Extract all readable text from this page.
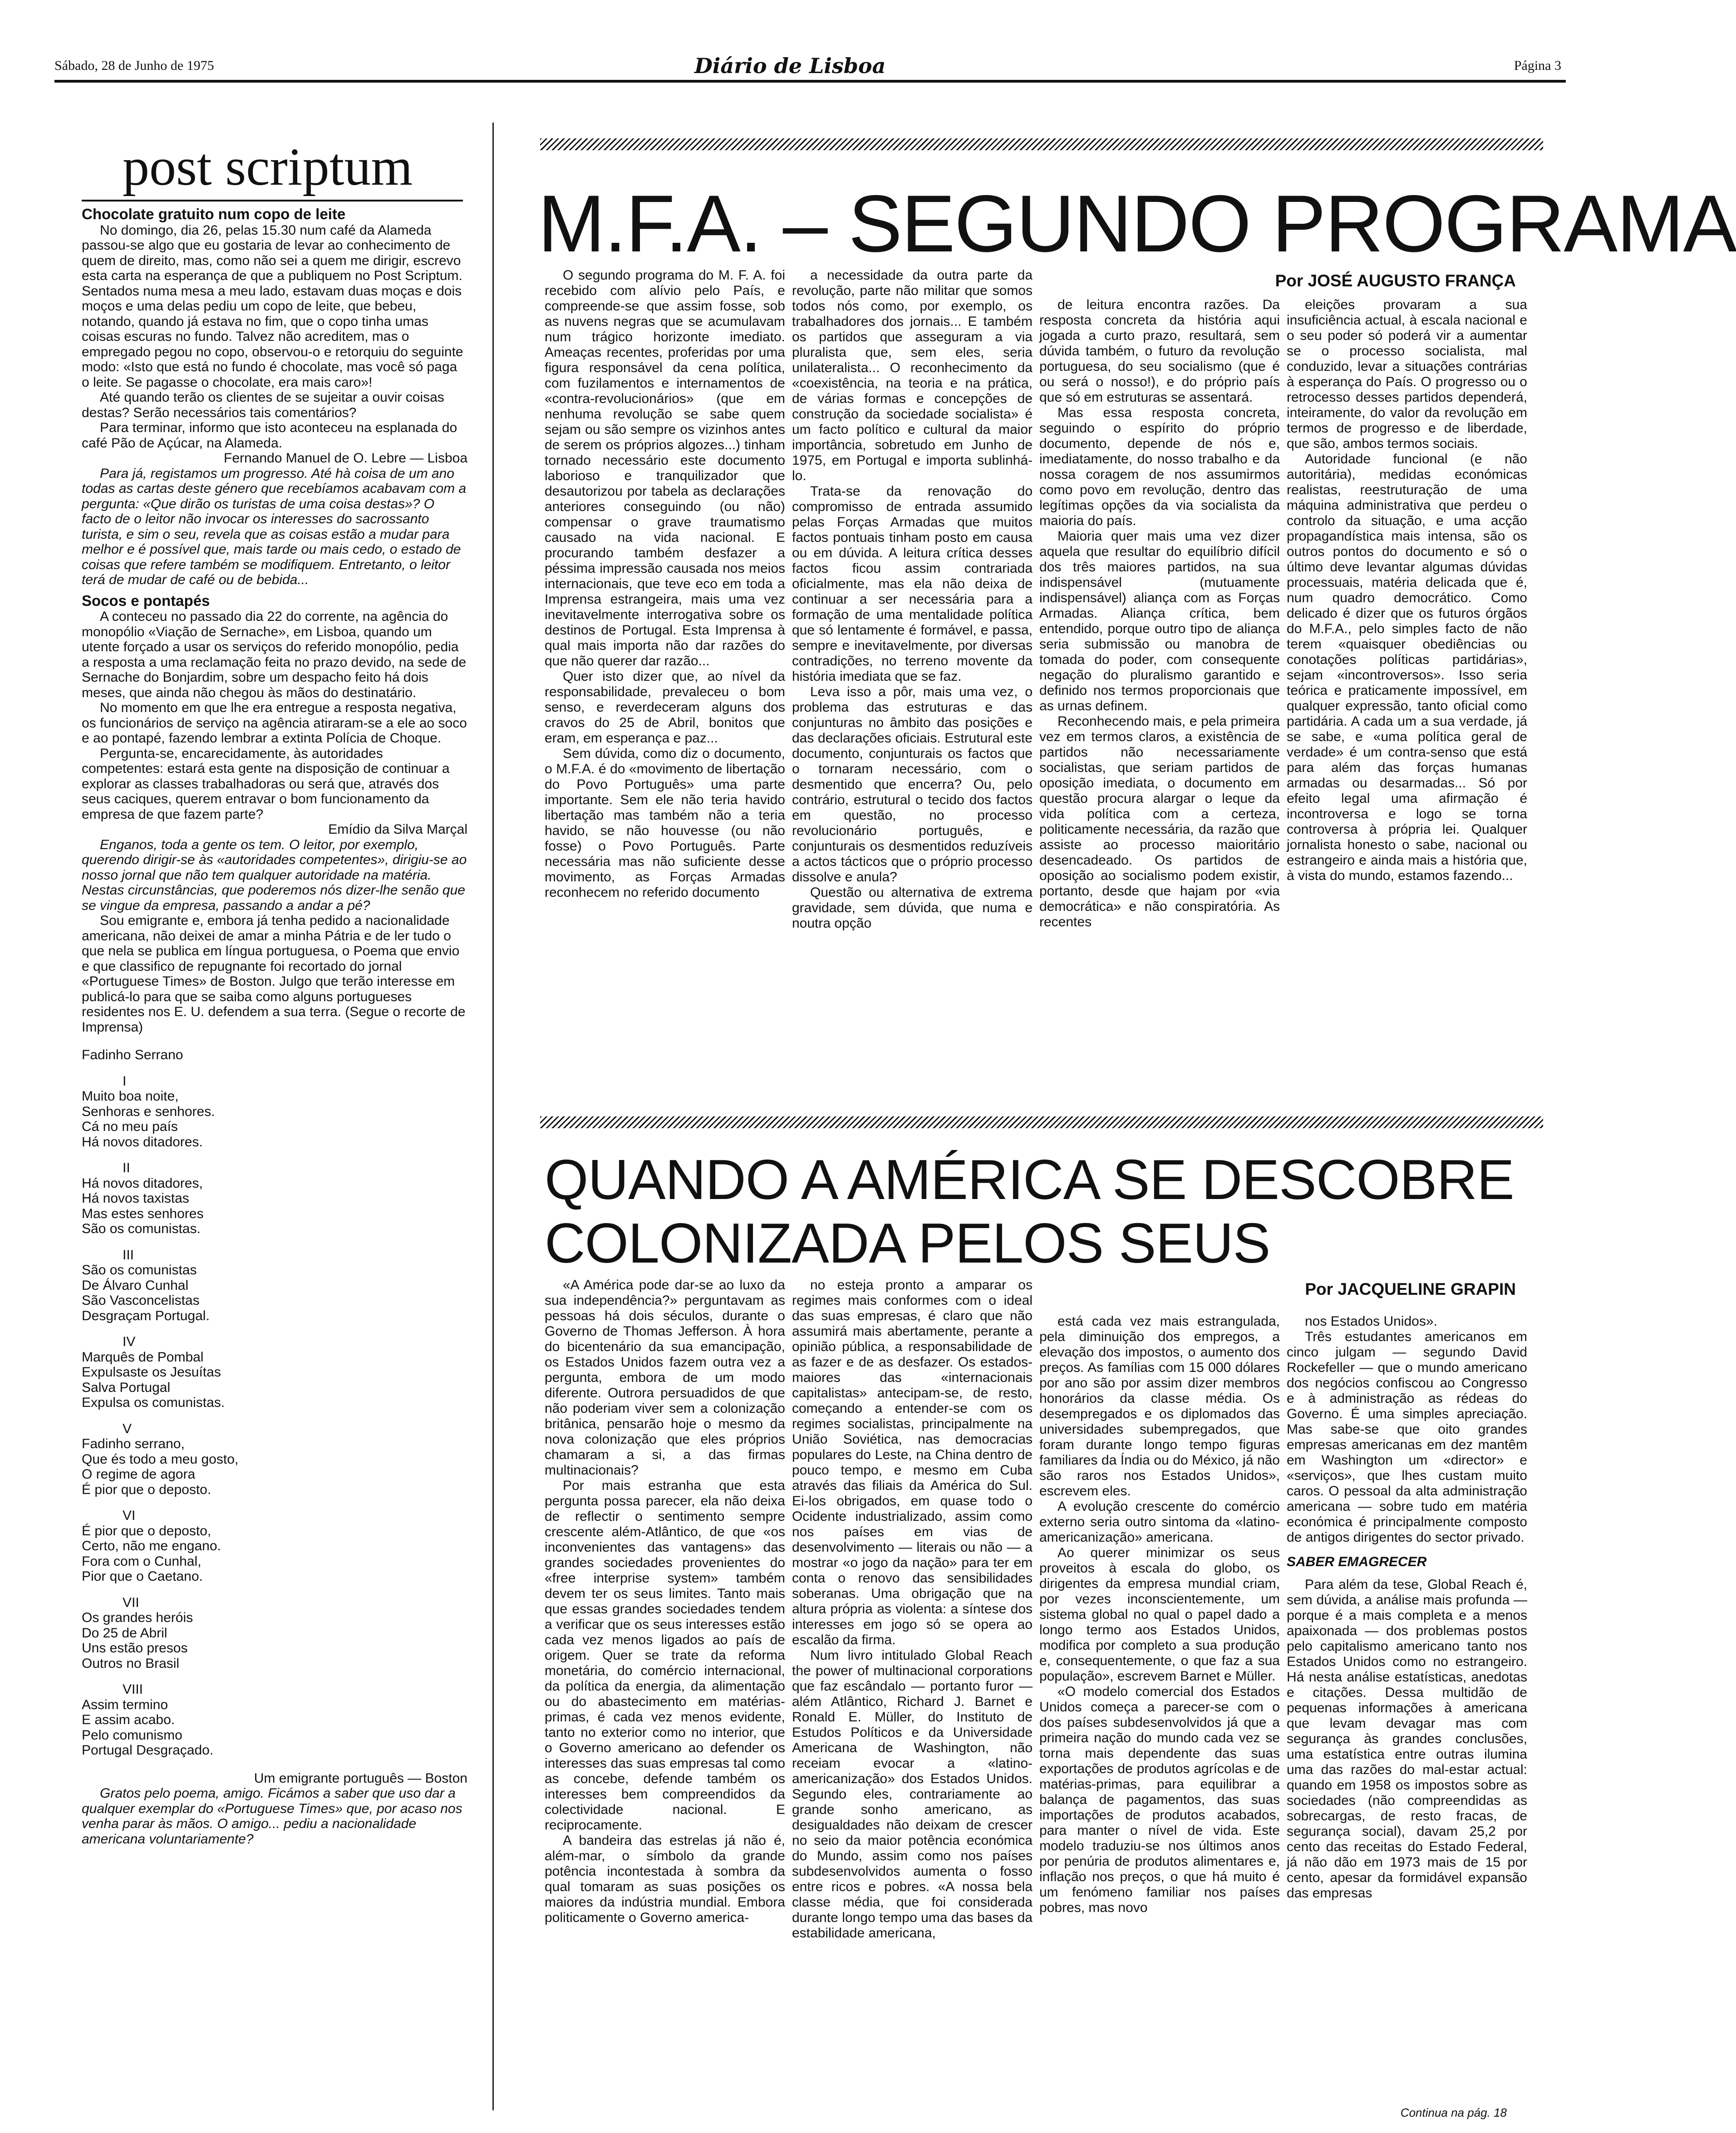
Sábado, 28 de Junho de 1975	Diário de Lisboa	Página 3
post scriptum
Chocolate gratuito num copo de leite

No domingo, dia 26, pelas 15.30 num café da Alameda passou-se algo que eu gostaria de levar ao conhecimento de quem de direito, mas, como não sei a quem me dirigir, escrevo esta carta na esperança de que a publiquem no Post Scriptum. Sentados numa mesa a meu lado, estavam duas moças e dois moços e uma delas pediu um copo de leite, que bebeu, notando, quando já estava no fim, que o copo tinha umas coisas escuras no fundo. Talvez não acreditem, mas o empregado pegou no copo, observou-o e retorquiu do seguinte modo: «Isto que está no fundo é chocolate, mas você só paga o leite. Se pagasse o chocolate, era mais caro»!

Até quando terão os clientes de se sujeitar a ouvir coisas destas? Serão necessários tais comentários?

Para terminar, informo que isto aconteceu na esplanada do café Pão de Açúcar, na Alameda.

Fernando Manuel de O. Lebre — Lisboa

Para já, registamos um progresso. Até hà coisa de um ano todas as cartas deste género que recebíamos acabavam com a pergunta: «Que dirão os turistas de uma coisa destas»? O facto de o leitor não invocar os interesses do sacrossanto turista, e sim o seu, revela que as coisas estão a mudar para melhor e é possível que, mais tarde ou mais cedo, o estado de coisas que refere também se modifiquem. Entretanto, o leitor terá de mudar de café ou de bebida...

Socos e pontapés

A conteceu no passado dia 22 do corrente, na agência do monopólio «Viação de Sernache», em Lisboa, quando um utente forçado a usar os serviços do referido monopólio, pedia a resposta a uma reclamação feita no prazo devido, na sede de Sernache do Bonjardim, sobre um despacho feito há dois meses, que ainda não chegou às mãos do destinatário.

No momento em que lhe era entregue a resposta negativa, os funcionários de serviço na agência atiraram-se a ele ao soco e ao pontapé, fazendo lembrar a extinta Polícia de Choque.

Pergunta-se, encarecidamente, às autoridades competentes: estará esta gente na disposição de continuar a explorar as classes trabalhadoras ou será que, através dos seus caciques, querem entravar o bom funcionamento da empresa de que fazem parte?

Emídio da Silva Marçal

Enganos, toda a gente os tem. O leitor, por exemplo, querendo dirigir-se às «autoridades competentes», dirigiu-se ao nosso jornal que não tem qualquer autoridade na matéria. Nestas circunstâncias, que poderemos nós dizer-lhe senão que se vingue da empresa, passando a andar a pé?

Sou emigrante e, embora já tenha pedido a nacionalidade americana, não deixei de amar a minha Pátria e de ler tudo o que nela se publica em língua portuguesa, o Poema que envio e que classifico de repugnante foi recortado do jornal «Portuguese Times» de Boston. Julgo que terão interesse em publicá-lo para que se saiba como alguns portugueses residentes nos E. U. defendem a sua terra. (Segue o recorte de Imprensa)

Fadinho Serrano

I

Muito boa noite,

Senhoras e senhores.

Cá no meu país

Há novos ditadores.

II

Há novos ditadores,

Há novos taxistas

Mas estes senhores

São os comunistas.

III

São os comunistas

De Álvaro Cunhal

São Vasconcelistas

Desgraçam Portugal.

IV

Marquês de Pombal

Expulsaste os Jesuítas

Salva Portugal

Expulsa os comunistas.

V

Fadinho serrano,

Que és todo a meu gosto,

O regime de agora

É pior que o deposto.

VI

É pior que o deposto,

Certo, não me engano.

Fora com o Cunhal,

Pior que o Caetano.

VII

Os grandes heróis

Do 25 de Abril

Uns estão presos

Outros no Brasil

VIII

Assim termino

E assim acabo.

Pelo comunismo

Portugal Desgraçado.

Um emigrante português — Boston

Gratos pelo poema, amigo. Ficámos a saber que uso dar a qualquer exemplar do «Portuguese Times» que, por acaso nos venha parar às mãos. O amigo... pediu a nacionalidade americana voluntariamente?

M.F.A. – SEGUNDO PROGRAMA
Por JOSÉ AUGUSTO FRANÇA

O segundo programa do M. F. A. foi recebido com alívio pelo País, e compreende-se que assim fosse, sob as nuvens negras que se acumulavam num trágico horizonte imediato. Ameaças recentes, proferidas por uma figura responsável da cena política, com fuzilamentos e internamentos de «contra-revolucionários» (que em nenhuma revolução se sabe quem sejam ou são sempre os vizinhos antes de serem os próprios algozes...) tinham tornado necessário este documento laborioso e tranquilizador que desautorizou por tabela as declarações anteriores conseguindo (ou não) compensar o grave traumatismo causado na vida nacional. E procurando também desfazer a péssima impressão causada nos meios internacionais, que teve eco em toda a Imprensa estrangeira, mais uma vez inevitavelmente interrogativa sobre os destinos de Portugal. Esta Imprensa à qual mais importa não dar razões do que não querer dar razão...

Quer isto dizer que, ao nível da responsabilidade, prevaleceu o bom senso, e reverdeceram alguns dos cravos do 25 de Abril, bonitos que eram, em esperança e paz...

Sem dúvida, como diz o documento, o M.F.A. é do «movimento de libertação do Povo Português» uma parte importante. Sem ele não teria havido libertação mas também não a teria havido, se não houvesse (ou não fosse) o Povo Português. Parte necessária mas não suficiente desse movimento, as Forças Armadas reconhecem no referido documento

a necessidade da outra parte da revolução, parte não militar que somos todos nós como, por exemplo, os trabalhadores dos jornais... E também os partidos que asseguram a via pluralista que, sem eles, seria unilateralista... O reconhecimento da «coexistência, na teoria e na prática, de várias formas e concepções de construção da sociedade socialista» é um facto político e cultural da maior importância, sobretudo em Junho de 1975, em Portugal e importa sublinhá-lo.

Trata-se da renovação do compromisso de entrada assumido pelas Forças Armadas que muitos factos pontuais tinham posto em causa ou em dúvida. A leitura crítica desses factos ficou assim contrariada oficialmente, mas ela não deixa de continuar a ser necessária para a formação de uma mentalidade política que só lentamente é formável, e passa, sempre e inevitavelmente, por diversas contradições, no terreno movente da história imediata que se faz.

Leva isso a pôr, mais uma vez, o problema das estruturas e das conjunturas no âmbito das posições e das declarações oficiais. Estrutural este documento, conjunturais os factos que o tornaram necessário, com o desmentido que encerra? Ou, pelo contrário, estrutural o tecido dos factos em questão, no processo revolucionário português, e conjunturais os desmentidos reduzíveis a actos tácticos que o próprio processo dissolve e anula?

Questão ou alternativa de extrema gravidade, sem dúvida, que numa e noutra opção

de leitura encontra razões. Da resposta concreta da história aqui jogada a curto prazo, resultará, sem dúvida também, o futuro da revolução portuguesa, do seu socialismo (que é ou será o nosso!), e do próprio país que só em estruturas se assentará.

Mas essa resposta concreta, seguindo o espírito do próprio documento, depende de nós e, imediatamente, do nosso trabalho e da nossa coragem de nos assumirmos como povo em revolução, dentro das legítimas opções da via socialista da maioria do país.

Maioria quer mais uma vez dizer aquela que resultar do equilíbrio difícil dos três maiores partidos, na sua indispensável (mutuamente indispensável) aliança com as Forças Armadas. Aliança crítica, bem entendido, porque outro tipo de aliança seria submissão ou manobra de tomada do poder, com consequente negação do pluralismo garantido e definido nos termos proporcionais que as urnas definem.

Reconhecendo mais, e pela primeira vez em termos claros, a existência de partidos não necessariamente socialistas, que seriam partidos de oposição imediata, o documento em questão procura alargar o leque da vida política com a certeza, politicamente necessária, da razão que assiste ao processo maioritário desencadeado. Os partidos de oposição ao socialismo podem existir, portanto, desde que hajam por «via democrática» e não conspiratória. As recentes

eleições provaram a sua insuficiência actual, à escala nacional e o seu poder só poderá vir a aumentar se o processo socialista, mal conduzido, levar a situações contrárias à esperança do País. O progresso ou o retrocesso desses partidos dependerá, inteiramente, do valor da revolução em termos de progresso e de liberdade, que são, ambos termos sociais.

Autoridade funcional (e não autoritária), medidas económicas realistas, reestruturação de uma máquina administrativa que perdeu o controlo da situação, e uma acção propagandística mais intensa, são os outros pontos do documento e só o último deve levantar algumas dúvidas processuais, matéria delicada que é, num quadro democrático. Como delicado é dizer que os futuros órgãos do M.F.A., pelo simples facto de não terem «quaisquer obediências ou conotações políticas partidárias», sejam «incontroversos». Isso seria teórica e praticamente impossível, em qualquer expressão, tanto oficial como partidária. A cada um a sua verdade, já se sabe, e «uma política geral de verdade» é um contra-senso que está para além das forças humanas armadas ou desarmadas... Só por efeito legal uma afirmação é incontroversa e logo se torna controversa à própria lei. Qualquer jornalista honesto o sabe, nacional ou estrangeiro e ainda mais a história que, à vista do mundo, estamos fazendo...

QUANDO A AMÉRICA SE DESCOBRE
COLONIZADA PELOS SEUS
Por JACQUELINE GRAPIN

«A América pode dar-se ao luxo da sua independência?» perguntavam as pessoas há dois séculos, durante o Governo de Thomas Jefferson. À hora do bicentenário da sua emancipação, os Estados Unidos fazem outra vez a pergunta, embora de um modo diferente. Outrora persuadidos de que não poderiam viver sem a colonização britânica, pensarão hoje o mesmo da nova colonização que eles próprios chamaram a si, a das firmas multinacionais?

Por mais estranha que esta pergunta possa parecer, ela não deixa de reflectir o sentimento sempre crescente além-Atlântico, de que «os inconvenientes das vantagens» das grandes sociedades provenientes do «free interprise system» também devem ter os seus limites. Tanto mais que essas grandes sociedades tendem a verificar que os seus interesses estão cada vez menos ligados ao país de origem. Quer se trate da reforma monetária, do comércio internacional, da política da energia, da alimentação ou do abastecimento em matérias-primas, é cada vez menos evidente, tanto no exterior como no interior, que o Governo americano ao defender os interesses das suas empresas tal como as concebe, defende também os interesses bem compreendidos da colectividade nacional. E reciprocamente.

A bandeira das estrelas já não é, além-mar, o símbolo da grande potência incontestada à sombra da qual tomaram as suas posições os maiores da indústria mundial. Embora politicamente o Governo america-

no esteja pronto a amparar os regimes mais conformes com o ideal das suas empresas, é claro que não assumirá mais abertamente, perante a opinião pública, a responsabilidade de as fazer e de as desfazer. Os estados-maiores das «internacionais capitalistas» antecipam-se, de resto, começando a entender-se com os regimes socialistas, principalmente na União Soviética, nas democracias populares do Leste, na China dentro de pouco tempo, e mesmo em Cuba através das filiais da América do Sul. Ei-los obrigados, em quase todo o Ocidente industrializado, assim como nos países em vias de desenvolvimento — literais ou não — a mostrar «o jogo da nação» para ter em conta o renovo das sensibilidades soberanas. Uma obrigação que na altura própria as violenta: a síntese dos interesses em jogo só se opera ao escalão da firma.

Num livro intitulado Global Reach the power of multinacional corporations que faz escândalo — portanto furor — além Atlântico, Richard J. Barnet e Ronald E. Müller, do Instituto de Estudos Políticos e da Universidade Americana de Washington, não receiam evocar a «latino-americanização» dos Estados Unidos. Segundo eles, contrariamente ao grande sonho americano, as desigualdades não deixam de crescer no seio da maior potência económica do Mundo, assim como nos países subdesenvolvidos aumenta o fosso entre ricos e pobres. «A nossa bela classe média, que foi considerada durante longo tempo uma das bases da estabilidade americana,

está cada vez mais estrangulada, pela diminuição dos empregos, a elevação dos impostos, o aumento dos preços. As famílias com 15 000 dólares por ano são por assim dizer membros honorários da classe média. Os desempregados e os diplomados das universidades subempregados, que foram durante longo tempo figuras familiares da Índia ou do México, já não são raros nos Estados Unidos», escrevem eles.

A evolução crescente do comércio externo seria outro sintoma da «latino-americanização» americana.

Ao querer minimizar os seus proveitos à escala do globo, os dirigentes da empresa mundial criam, por vezes inconscientemente, um sistema global no qual o papel dado a longo termo aos Estados Unidos, modifica por completo a sua produção e, consequentemente, o que faz a sua população», escrevem Barnet e Müller.

«O modelo comercial dos Estados Unidos começa a parecer-se com o dos países subdesenvolvidos já que a primeira nação do mundo cada vez se torna mais dependente das suas exportações de produtos agrícolas e de matérias-primas, para equilibrar a balança de pagamentos, das suas importações de produtos acabados, para manter o nível de vida. Este modelo traduziu-se nos últimos anos por penúria de produtos alimentares e, inflação nos preços, o que há muito é um fenómeno familiar nos países pobres, mas novo

nos Estados Unidos».

Três estudantes americanos em cinco julgam — segundo David Rockefeller — que o mundo americano dos negócios confiscou ao Congresso e à administração as rédeas do Governo. É uma simples apreciação. Mas sabe-se que oito grandes empresas americanas em dez mantêm em Washington um «director» e «serviços», que lhes custam muito caros. O pessoal da alta administração americana — sobre tudo em matéria económica é principalmente composto de antigos dirigentes do sector privado.

SABER EMAGRECER

Para além da tese, Global Reach é, sem dúvida, a análise mais profunda — porque é a mais completa e a menos apaixonada — dos problemas postos pelo capitalismo americano tanto nos Estados Unidos como no estrangeiro. Há nesta análise estatísticas, anedotas e citações. Dessa multidão de pequenas informações à americana que levam devagar mas com segurança às grandes conclusões, uma estatística entre outras ilumina uma das razões do mal-estar actual: quando em 1958 os impostos sobre as sociedades (não compreendidas as sobrecargas, de resto fracas, de segurança social), davam 25,2 por cento das receitas do Estado Federal, já não dão em 1973 mais de 15 por cento, apesar da formidável expansão das empresas

Continua na pág. 18
